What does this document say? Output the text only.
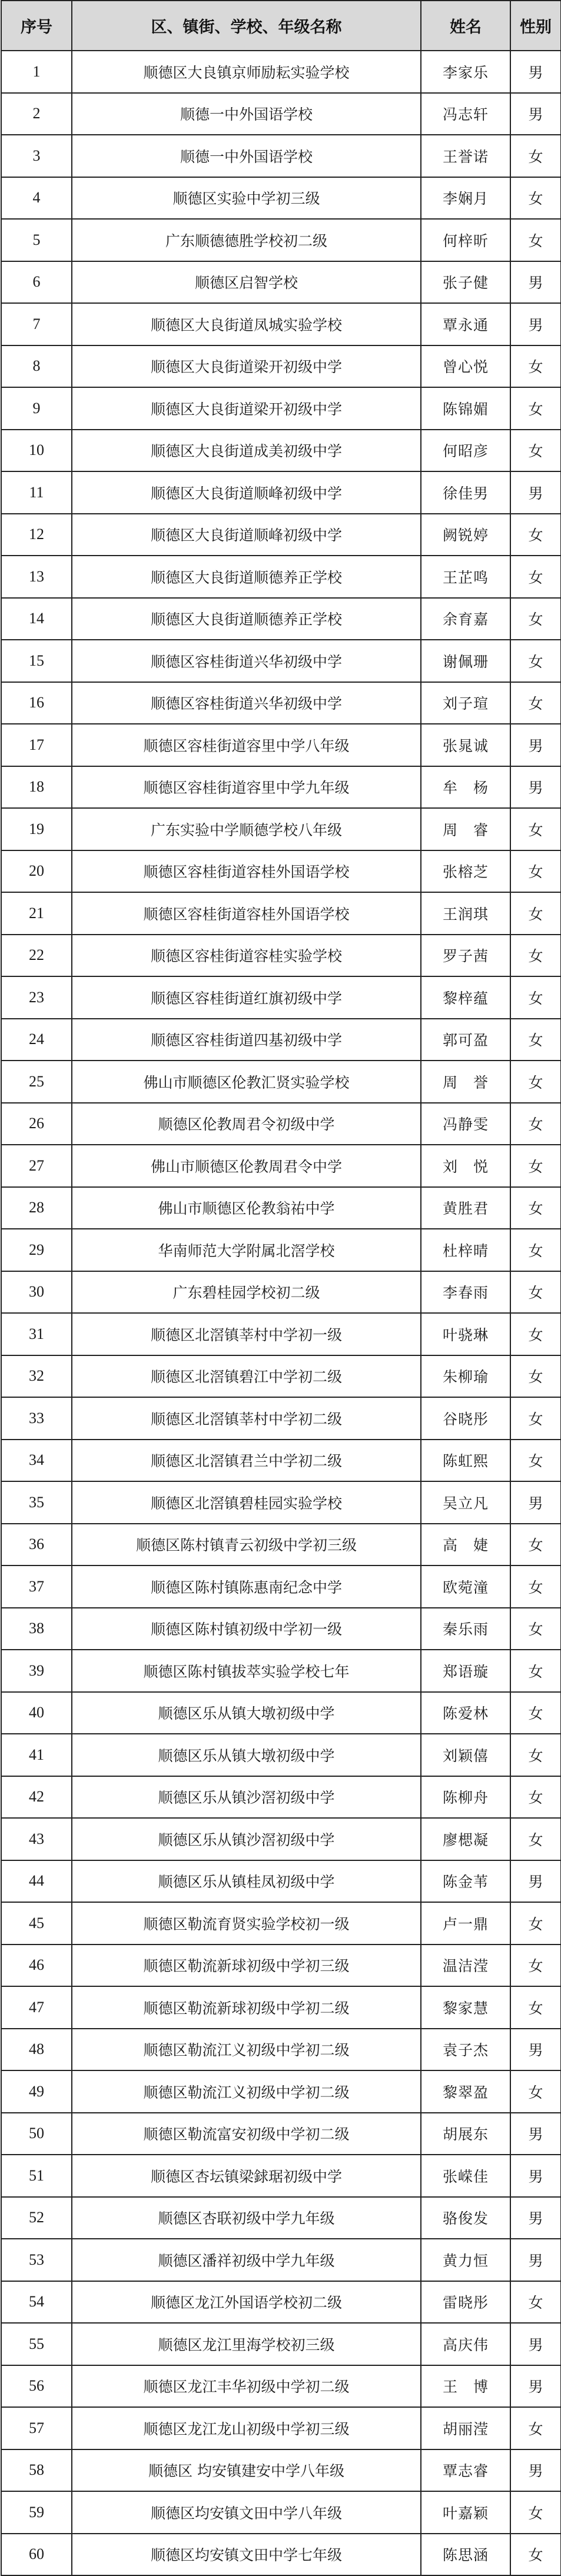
序号	区、镇街、学校、年级名称	姓名	性别
1	顺德区大良镇京师励耘实验学校	李家乐	男
2	顺德一中外国语学校	冯志轩	男
3	顺德一中外国语学校	王誉诺	女
4	顺德区实验中学初三级	李娴月	女
5	广东顺德德胜学校初二级	何梓昕	女
6	顺德区启智学校	张子健	男
7	顺德区大良街道凤城实验学校	覃永通	男
8	顺德区大良街道梁开初级中学	曾心悦	女
9	顺德区大良街道梁开初级中学	陈锦媚	女
10	顺德区大良街道成美初级中学	何昭彦	女
11	顺德区大良街道顺峰初级中学	徐佳男	男
12	顺德区大良街道顺峰初级中学	阙锐婷	女
13	顺德区大良街道顺德养正学校	王芷鸣	女
14	顺德区大良街道顺德养正学校	余育嘉	女
15	顺德区容桂街道兴华初级中学	谢佩珊	女
16	顺德区容桂街道兴华初级中学	刘子瑄	女
17	顺德区容桂街道容里中学八年级	张晁诚	男
18	顺德区容桂街道容里中学九年级	牟　杨	男
19	广东实验中学顺德学校八年级	周　睿	女
20	顺德区容桂街道容桂外国语学校	张榕芝	女
21	顺德区容桂街道容桂外国语学校	王润琪	女
22	顺德区容桂街道容桂实验学校	罗子茜	女
23	顺德区容桂街道红旗初级中学	黎梓蕴	女
24	顺德区容桂街道四基初级中学	郭可盈	女
25	佛山市顺德区伦教汇贤实验学校	周　誉	女
26	顺德区伦教周君令初级中学	冯静雯	女
27	佛山市顺德区伦教周君令中学	刘　悦	女
28	佛山市顺德区伦教翁祐中学	黄胜君	女
29	华南师范大学附属北滘学校	杜梓晴	女
30	广东碧桂园学校初二级	李春雨	女
31	顺德区北滘镇莘村中学初一级	叶骁琳	女
32	顺德区北滘镇碧江中学初二级	朱柳瑜	女
33	顺德区北滘镇莘村中学初二级	谷晓彤	女
34	顺德区北滘镇君兰中学初二级	陈虹熙	女
35	顺德区北滘镇碧桂园实验学校	吴立凡	男
36	顺德区陈村镇青云初级中学初三级	高　婕	女
37	顺德区陈村镇陈惠南纪念中学	欧菀潼	女
38	顺德区陈村镇初级中学初一级	秦乐雨	女
39	顺德区陈村镇拔萃实验学校七年	郑语璇	女
40	顺德区乐从镇大墩初级中学	陈爱林	女
41	顺德区乐从镇大墩初级中学	刘颖僖	女
42	顺德区乐从镇沙滘初级中学	陈柳舟	女
43	顺德区乐从镇沙滘初级中学	廖楒凝	女
44	顺德区乐从镇桂凤初级中学	陈金苇	男
45	顺德区勒流育贤实验学校初一级	卢一鼎	女
46	顺德区勒流新球初级中学初三级	温洁滢	女
47	顺德区勒流新球初级中学初二级	黎家慧	女
48	顺德区勒流江义初级中学初二级	袁子杰	男
49	顺德区勒流江义初级中学初二级	黎翠盈	女
50	顺德区勒流富安初级中学初二级	胡展东	男
51	顺德区杏坛镇梁銶琚初级中学	张嵘佳	男
52	顺德区杏联初级中学九年级	骆俊发	男
53	顺德区潘祥初级中学九年级	黄力恒	男
54	顺德区龙江外国语学校初二级	雷晓彤	女
55	顺德区龙江里海学校初三级	高庆伟	男
56	顺德区龙江丰华初级中学初二级	王　博	男
57	顺德区龙江龙山初级中学初三级	胡丽滢	女
58	顺德区 均安镇建安中学八年级	覃志睿	男
59	顺德区均安镇文田中学八年级	叶嘉颖	女
60	顺德区均安镇文田中学七年级	陈思涵	女
